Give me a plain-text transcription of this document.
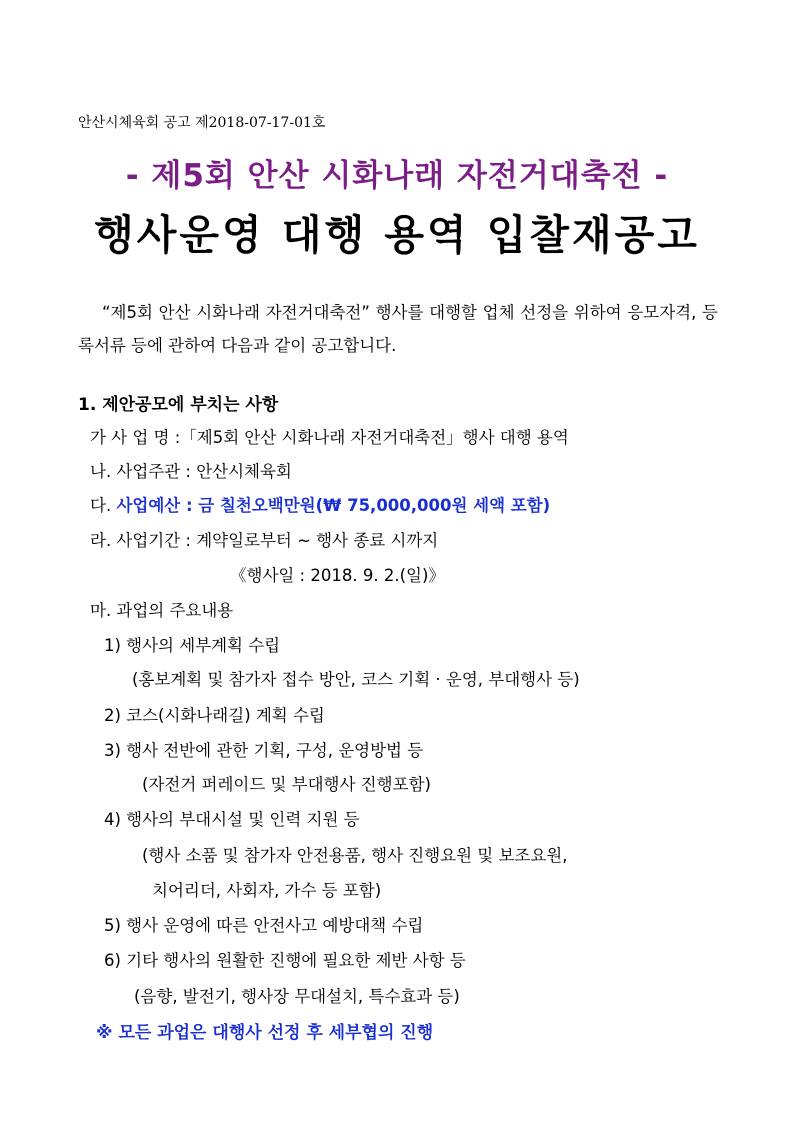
안산시체육회 공고 제2018-07-17-01호
- 제5회 안산 시화나래 자전거대축전 -
행사운영 대행 용역 입찰재공고
“제5회 안산 시화나래 자전거대축전” 행사를 대행할 업체 선정을 위하여 응모자격, 등록서류 등에 관하여 다음과 같이 공고합니다.
1. 제안공모에 부치는 사항
가 사 업 명 :「제5회 안산 시화나래 자전거대축전」행사 대행 용역
나. 사업주관 : 안산시체육회
다. 사업예산 : 금 칠천오백만원(₩ 75,000,000원 세액 포함)
라. 사업기간 : 계약일로부터 ~ 행사 종료 시까지
《행사일 : 2018. 9. 2.(일)》
마. 과업의 주요내용
1) 행사의 세부계획 수립
(홍보계획 및 참가자 접수 방안, 코스 기획 · 운영, 부대행사 등)
2) 코스(시화나래길) 계획 수립
3) 행사 전반에 관한 기획, 구성, 운영방법 등
(자전거 퍼레이드 및 부대행사 진행포함)
4) 행사의 부대시설 및 인력 지원 등
(행사 소품 및 참가자 안전용품, 행사 진행요원 및 보조요원,
치어리더, 사회자, 가수 등 포함)
5) 행사 운영에 따른 안전사고 예방대책 수립
6) 기타 행사의 원활한 진행에 필요한 제반 사항 등
(음향, 발전기, 행사장 무대설치, 특수효과 등)
※ 모든 과업은 대행사 선정 후 세부협의 진행
